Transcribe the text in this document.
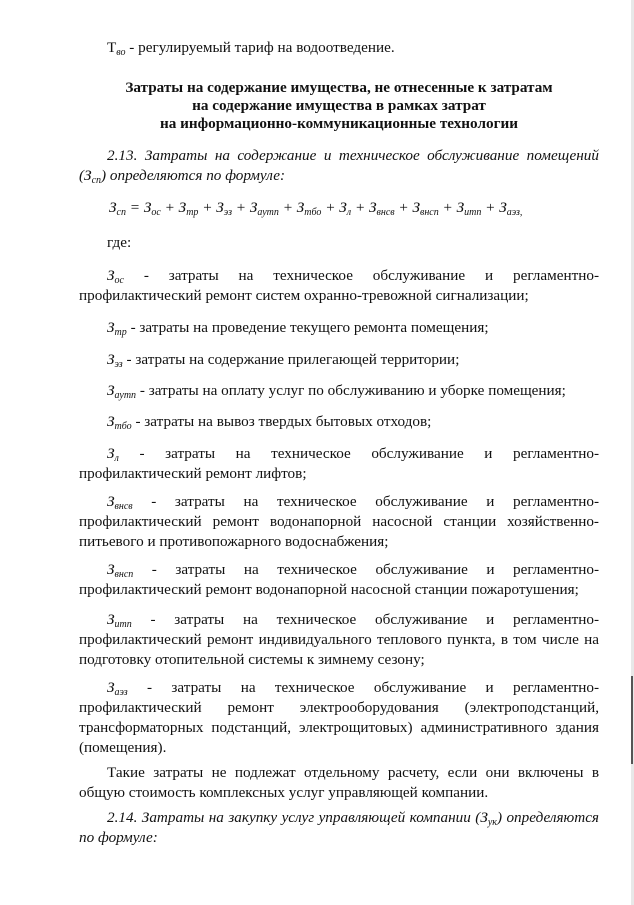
$T_{во}$ - регулируемый тариф на водоотведение.
Затраты на содержание имущества, не отнесенные к затратам
на содержание имущества в рамках затрат
на информационно-коммуникационные технологии
2.13. Затраты на содержание и техническое обслуживание помещений $(З_{сп})$ определяются по формуле:
$З_{сп} = З_{ос} + З_{тр} + З_{эз} + З_{аутп} + З_{тбо} + З_л + З_{внсв} + З_{внсп} + З_{итп} + З_{аэз,}$
где:
$З_{ос}$ - затраты на техническое обслуживание и регламентно-профилактический ремонт систем охранно-тревожной сигнализации;
$З_{тр}$ - затраты на проведение текущего ремонта помещения;
$З_{эз}$ - затраты на содержание прилегающей территории;
$З_{аутп}$ - затраты на оплату услуг по обслуживанию и уборке помещения;
$З_{тбо}$ - затраты на вывоз твердых бытовых отходов;
$З_л$ - затраты на техническое обслуживание и регламентно-профилактический ремонт лифтов;
$З_{внсв}$ - затраты на техническое обслуживание и регламентно-профилактический ремонт водонапорной насосной станции хозяйственно-питьевого и противопожарного водоснабжения;
$З_{внсп}$ - затраты на техническое обслуживание и регламентно-профилактический ремонт водонапорной насосной станции пожаротушения;
$З_{итп}$ - затраты на техническое обслуживание и регламентно-профилактический ремонт индивидуального теплового пункта, в том числе на подготовку отопительной системы к зимнему сезону;
$З_{аэз}$ - затраты на техническое обслуживание и регламентно-профилактический ремонт электрооборудования (электроподстанций, трансформаторных подстанций, электрощитовых) административного здания (помещения).
Такие затраты не подлежат отдельному расчету, если они включены в общую стоимость комплексных услуг управляющей компании.
2.14. Затраты на закупку услуг управляющей компании $(З_{ук})$ определяются по формуле:
